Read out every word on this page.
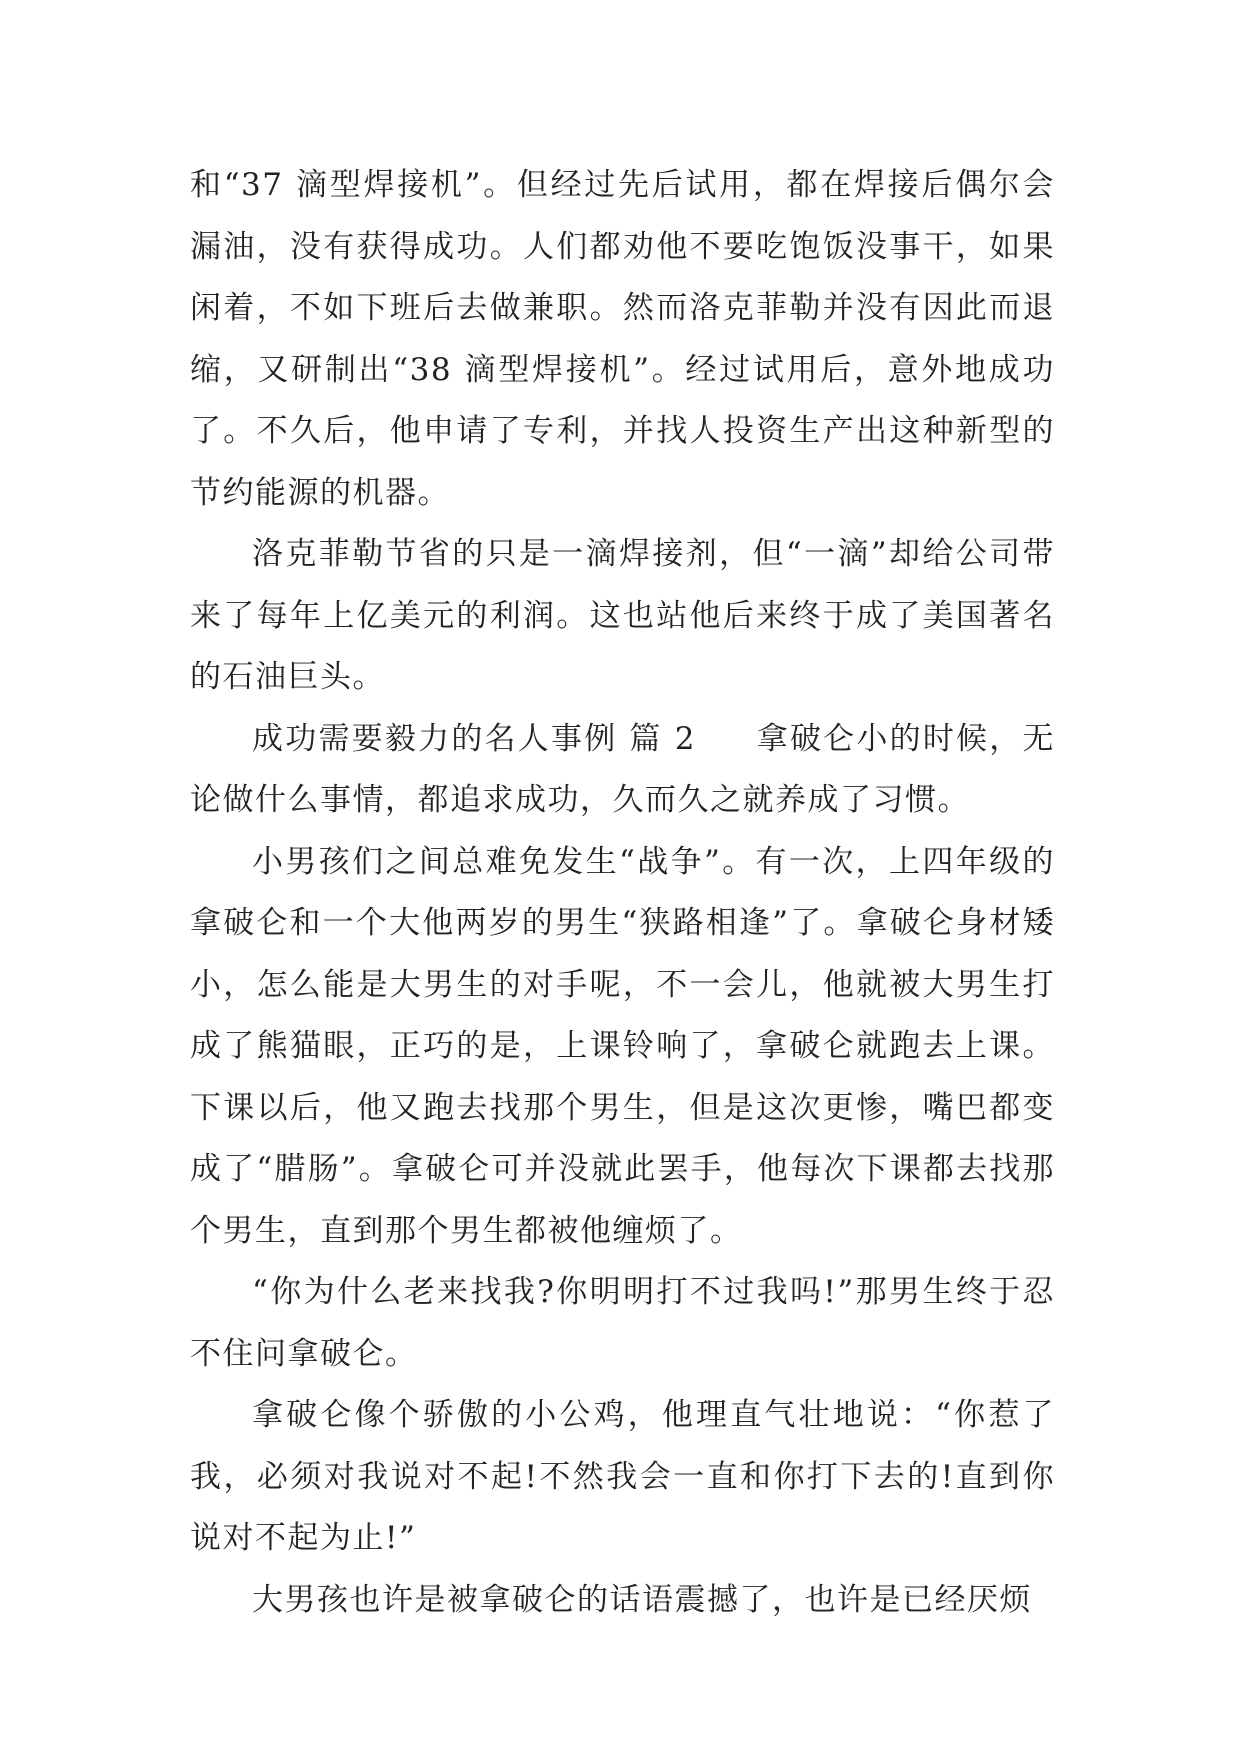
和“37 滴型焊接机”。但经过先后试用，都在焊接后偶尔会漏油，没有获得成功。人们都劝他不要吃饱饭没事干，如果闲着，不如下班后去做兼职。然而洛克菲勒并没有因此而退缩，又研制出“38 滴型焊接机”。经过试用后，意外地成功了。不久后，他申请了专利，并找人投资生产出这种新型的节约能源的机器。

洛克菲勒节省的只是一滴焊接剂，但“一滴”却给公司带来了每年上亿美元的利润。这也站他后来终于成了美国著名的石油巨头。

成功需要毅力的名人事例 篇 2 拿破仑小的时候，无论做什么事情，都追求成功，久而久之就养成了习惯。

小男孩们之间总难免发生“战争”。有一次，上四年级的拿破仑和一个大他两岁的男生“狭路相逢”了。拿破仑身材矮小，怎么能是大男生的对手呢，不一会儿，他就被大男生打成了熊猫眼，正巧的是，上课铃响了，拿破仑就跑去上课。下课以后，他又跑去找那个男生，但是这次更惨，嘴巴都变成了“腊肠”。拿破仑可并没就此罢手，他每次下课都去找那个男生，直到那个男生都被他缠烦了。

“你为什么老来找我?你明明打不过我吗!”那男生终于忍不住问拿破仑。

拿破仑像个骄傲的小公鸡，他理直气壮地说：“你惹了我，必须对我说对不起!不然我会一直和你打下去的!直到你说对不起为止!”

大男孩也许是被拿破仑的话语震撼了，也许是已经厌烦
